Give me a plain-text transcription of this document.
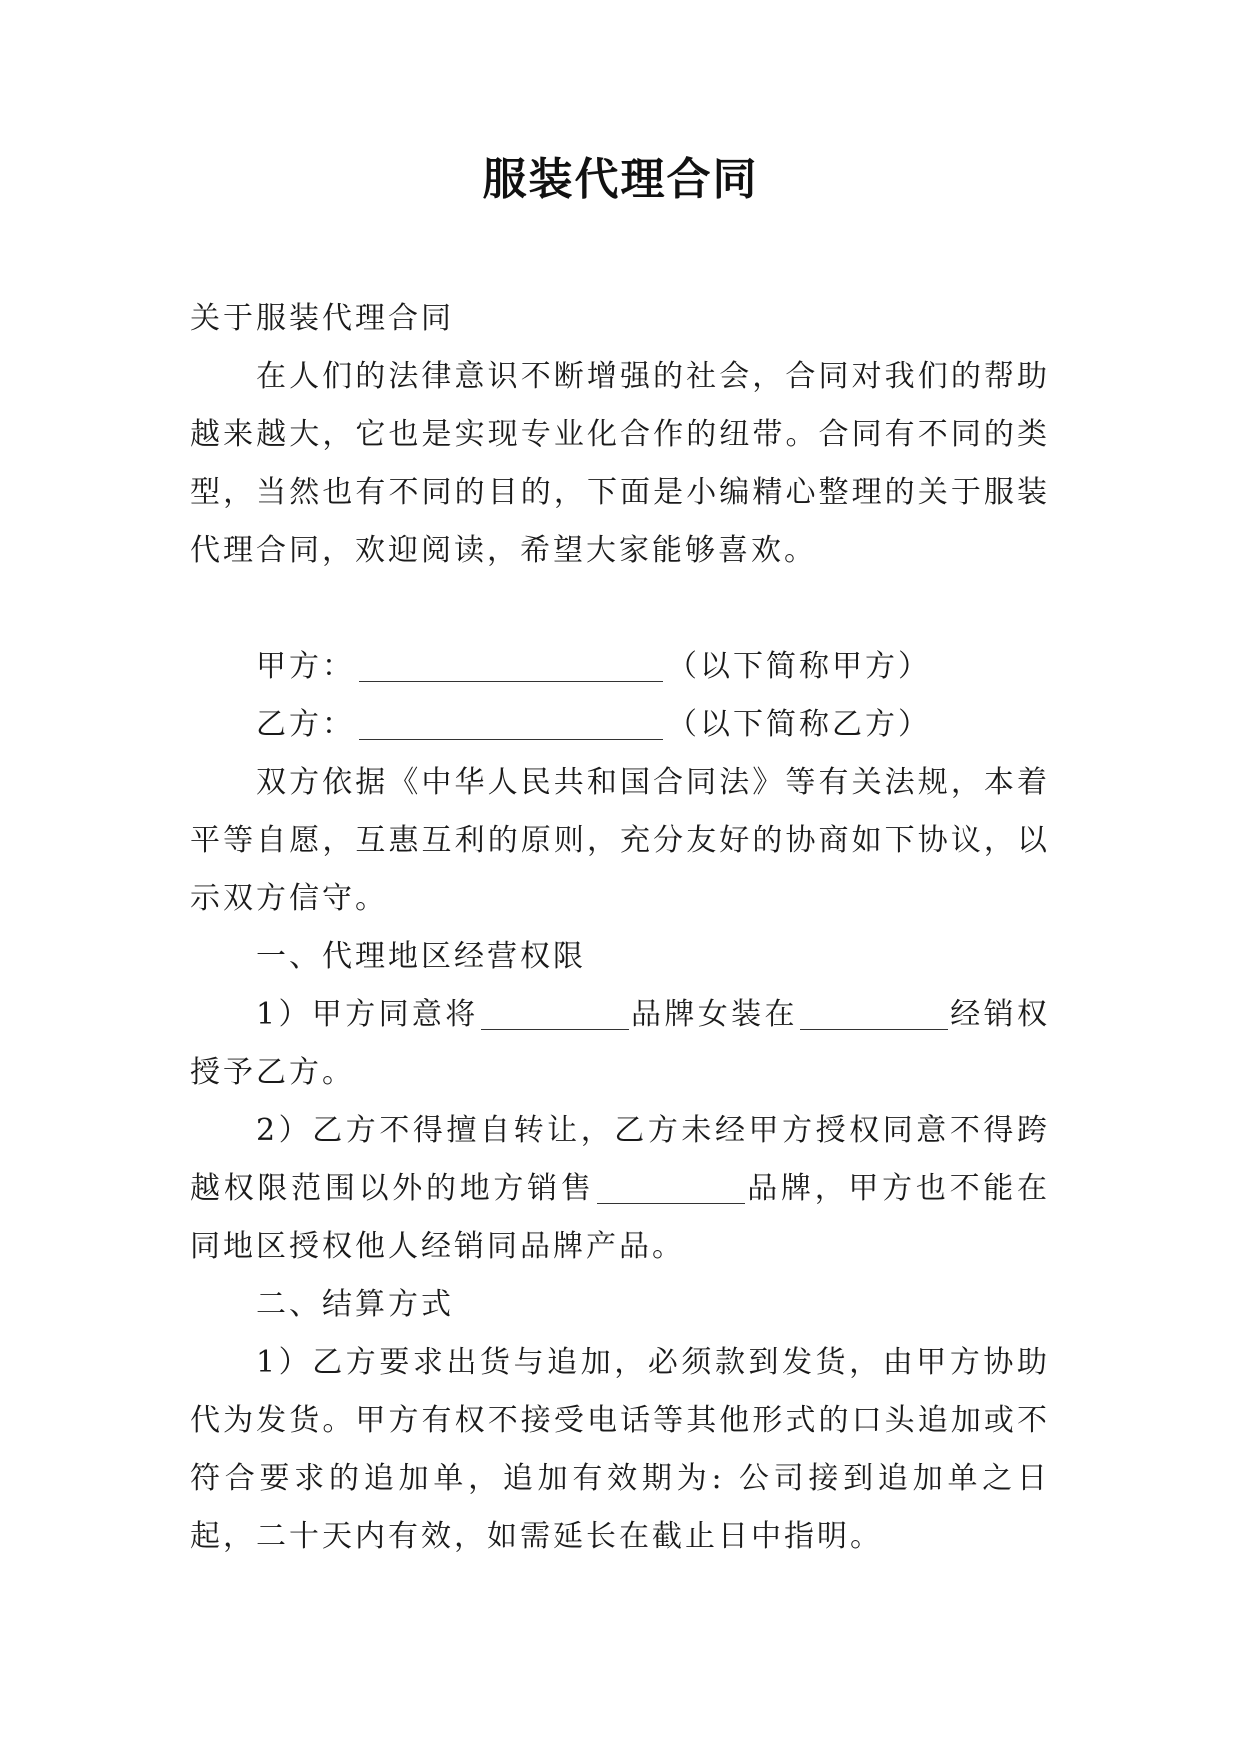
服装代理合同

关于服装代理合同

在人们的法律意识不断增强的社会，合同对我们的帮助越来越大，它也是实现专业化合作的纽带。合同有不同的类型，当然也有不同的目的，下面是小编精心整理的关于服装代理合同，欢迎阅读，希望大家能够喜欢。

甲方：	（以下简称甲方）

乙方：	（以下简称乙方）

双方依据《中华人民共和国合同法》等有关法规，本着平等自愿，互惠互利的原则，充分友好的协商如下协议，以示双方信守。

一、代理地区经营权限

1）甲方同意将	品牌女装在	经销权授予乙方。

2）乙方不得擅自转让，乙方未经甲方授权同意不得跨越权限范围以外的地方销售	品牌，甲方也不能在同地区授权他人经销同品牌产品。

二、结算方式

1）乙方要求出货与追加，必须款到发货，由甲方协助代为发货。甲方有权不接受电话等其他形式的口头追加或不符合要求的追加单，追加有效期为: 公司接到追加单之日起，二十天内有效，如需延长在截止日中指明。
